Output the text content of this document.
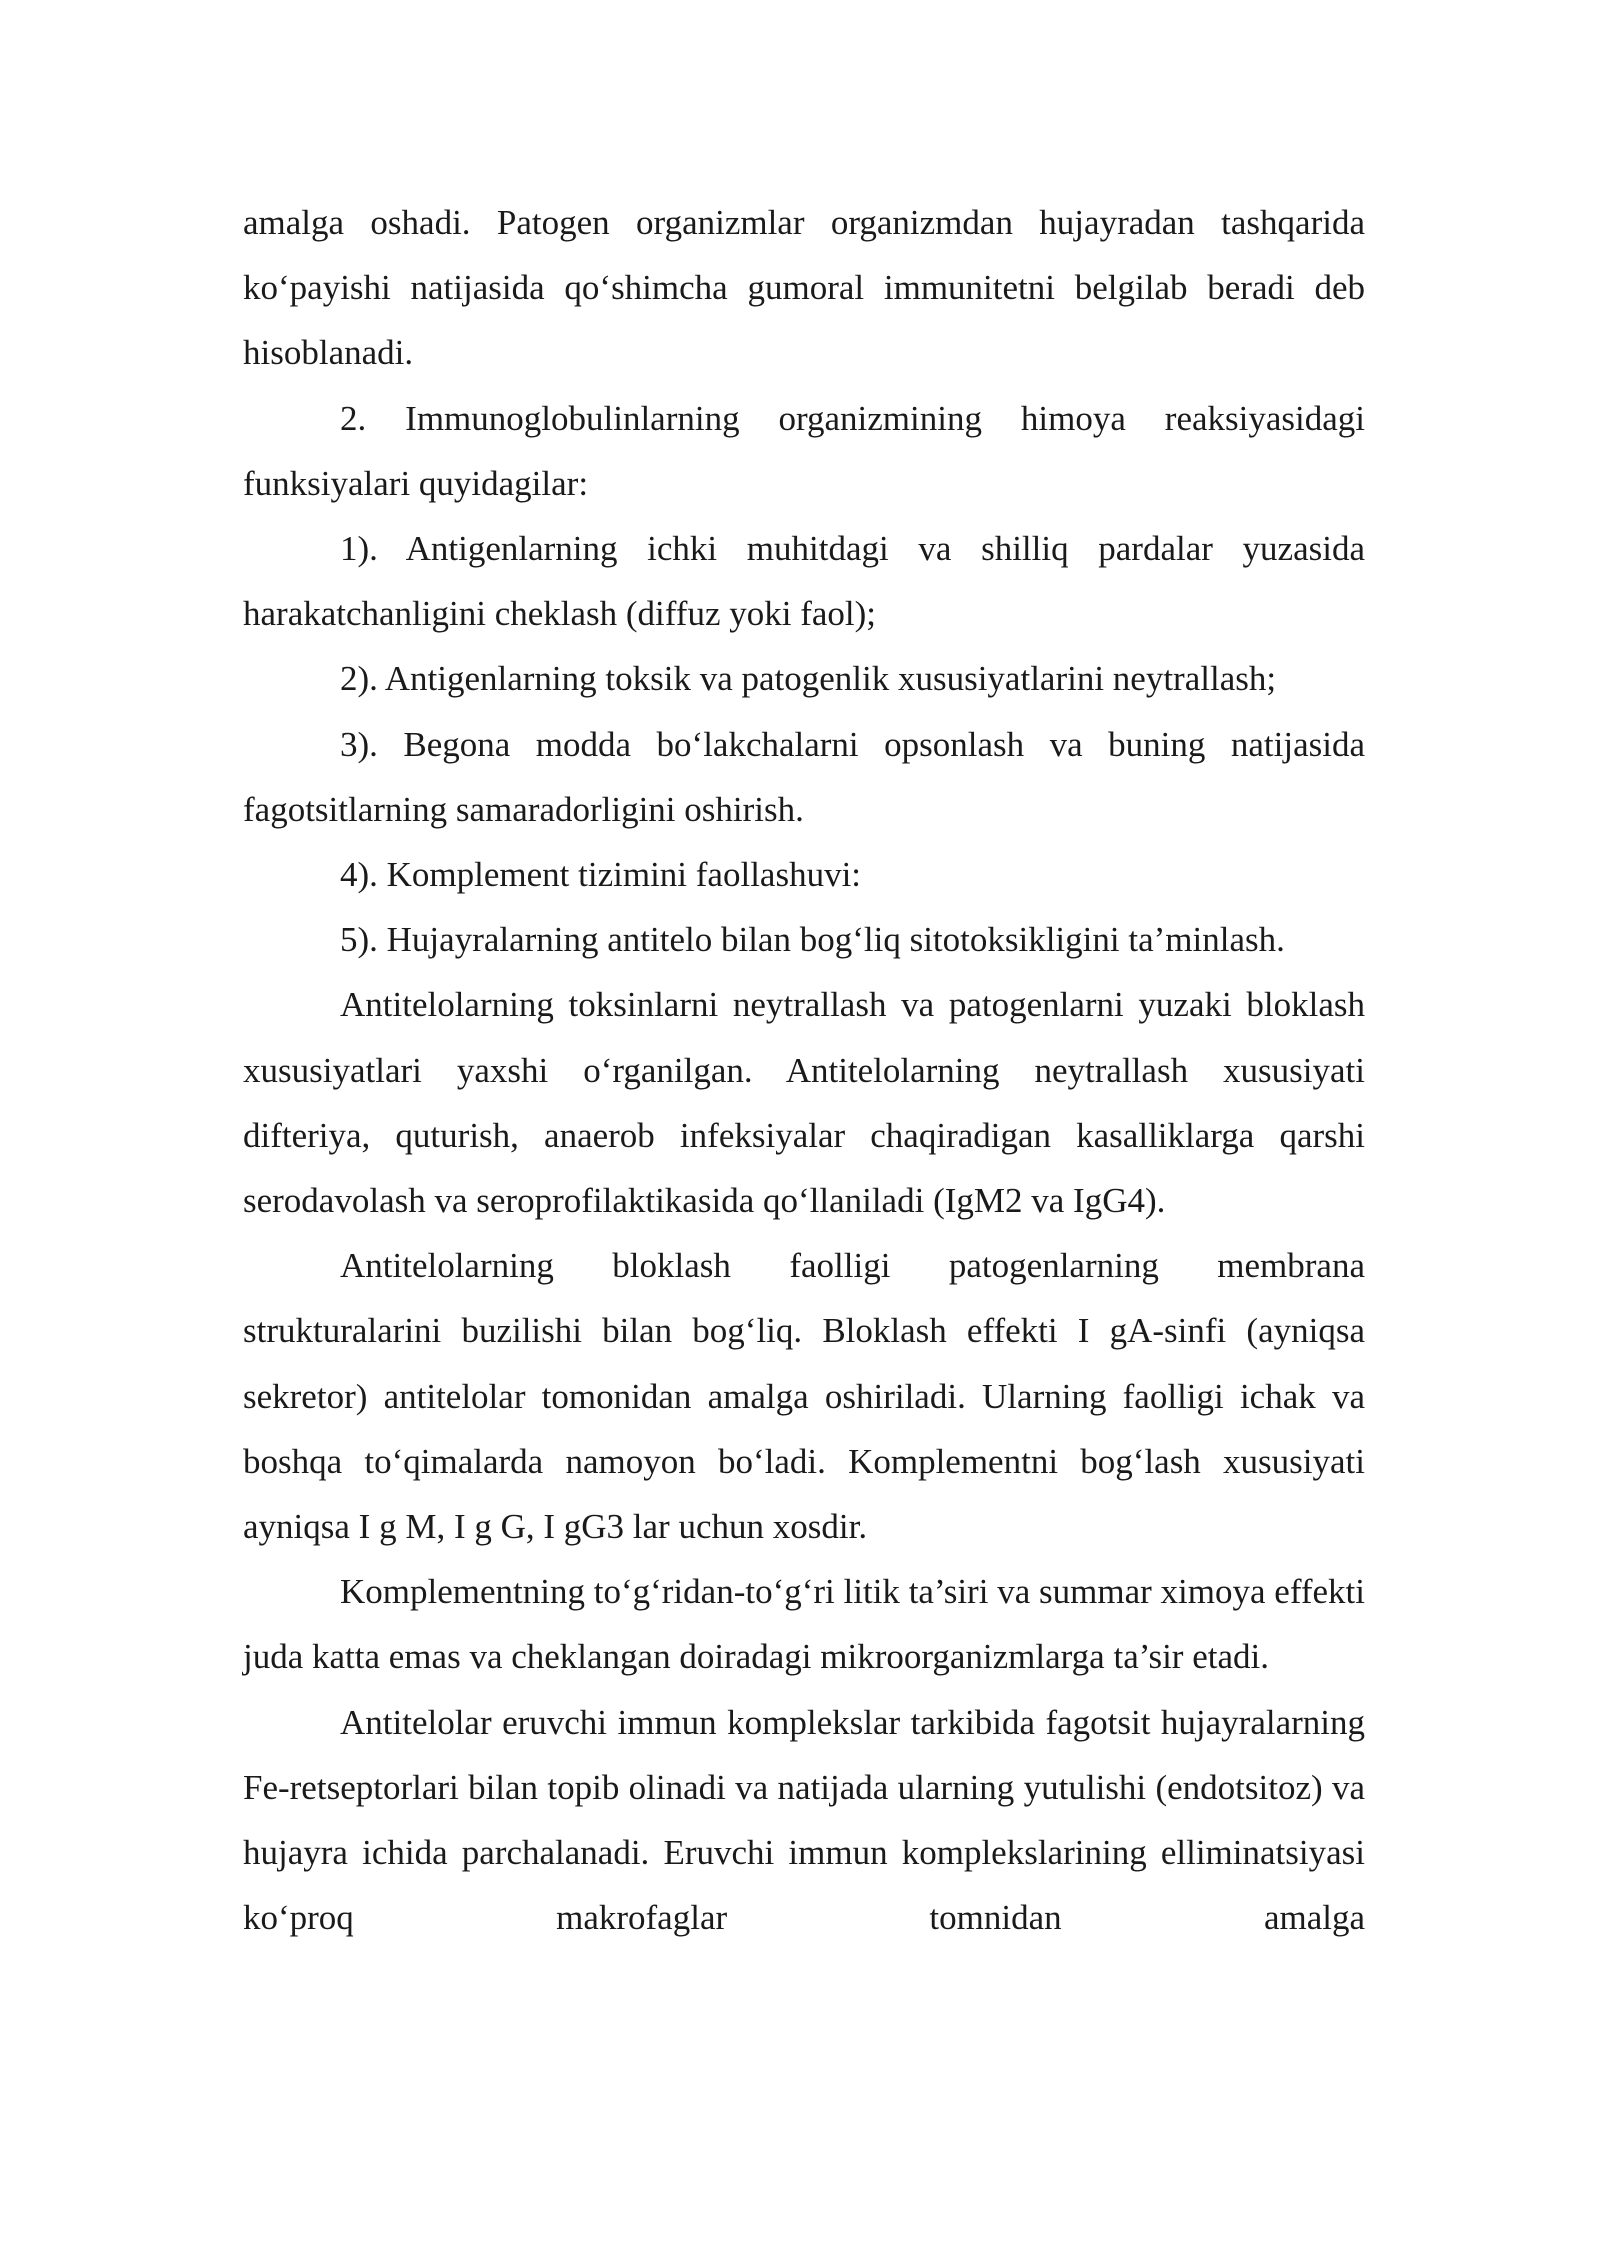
amalga oshadi. Patogen organizmlar organizmdan hujayradan tashqarida ko‘payishi natijasida qo‘shimcha gumoral immunitetni belgilab beradi deb hisoblanadi.

2. Immunoglobulinlarning organizmining himoya reaksiyasidagi funksiyalari quyidagilar:

1). Antigenlarning ichki muhitdagi va shilliq pardalar yuzasida harakatchanligini cheklash (diffuz yoki faol);

2). Antigenlarning toksik va patogenlik xususiyatlarini neytrallash;

3). Begona modda bo‘lakchalarni opsonlash va buning natijasida fagotsitlarning samaradorligini oshirish.

4). Komplement tizimini faollashuvi:

5). Hujayralarning antitelo bilan bog‘liq sitotoksikligini ta’minlash.

Antitelolarning toksinlarni neytrallash va patogenlarni yuzaki bloklash xususiyatlari yaxshi o‘rganilgan. Antitelolarning neytrallash xususiyati difteriya, quturish, anaerob infeksiyalar chaqiradigan kasalliklarga qarshi serodavolash va seroprofilaktikasida qo‘llaniladi (IgM2 va IgG4).

Antitelolarning bloklash faolligi patogenlarning membrana strukturalarini buzilishi bilan bog‘liq. Bloklash effekti I gA-sinfi (ayniqsa sekretor) antitelolar tomonidan amalga oshiriladi. Ularning faolligi ichak va boshqa to‘qimalarda namoyon bo‘ladi. Komplementni bog‘lash xususiyati ayniqsa I g M, I g G, I gG3 lar uchun xosdir.

Komplementning to‘g‘ridan-to‘g‘ri litik ta’siri va summar ximoya effekti juda katta emas va cheklangan doiradagi mikroorganizmlarga ta’sir etadi.

Antitelolar eruvchi immun komplekslar tarkibida fagotsit hujayralarning Fe-retseptorlari bilan topib olinadi va natijada ularning yutulishi (endotsitoz) va hujayra ichida parchalanadi. Eruvchi immun komplekslarining elliminatsiyasi ko‘proq makrofaglar tomnidan amalga
